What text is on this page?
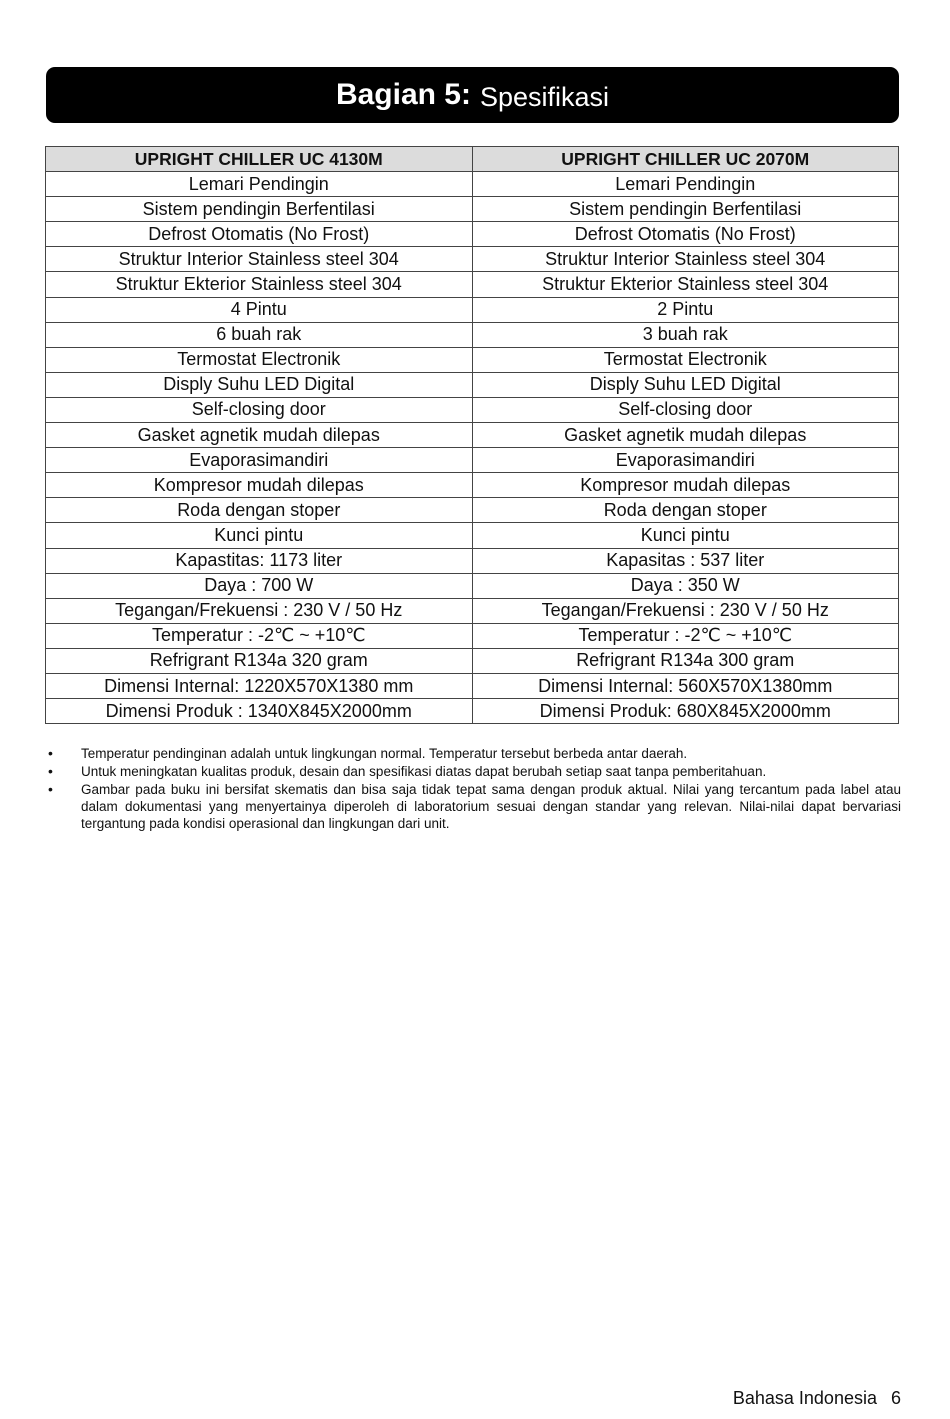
Bagian 5: Spesifikasi
UPRIGHT CHILLER UC 4130M	UPRIGHT CHILLER UC 2070M
Lemari Pendingin	Lemari Pendingin
Sistem pendingin Berfentilasi	Sistem pendingin Berfentilasi
Defrost Otomatis (No Frost)	Defrost Otomatis (No Frost)
Struktur Interior Stainless steel 304	Struktur Interior Stainless steel 304
Struktur Ekterior Stainless steel 304	Struktur Ekterior Stainless steel 304
4 Pintu	2 Pintu
6 buah rak	3 buah rak
Termostat Electronik	Termostat Electronik
Disply Suhu LED Digital	Disply Suhu LED Digital
Self-closing door	Self-closing door
Gasket agnetik mudah dilepas	Gasket agnetik mudah dilepas
Evaporasimandiri	Evaporasimandiri
Kompresor mudah dilepas	Kompresor mudah dilepas
Roda dengan stoper	Roda dengan stoper
Kunci pintu	Kunci pintu
Kapastitas: 1173 liter	Kapasitas : 537 liter
Daya : 700 W	Daya : 350 W
Tegangan/Frekuensi : 230 V / 50 Hz	Tegangan/Frekuensi : 230 V / 50 Hz
Temperatur : -2℃ ~ +10℃	Temperatur : -2℃ ~ +10℃
Refrigrant R134a 320 gram	Refrigrant R134a 300 gram
Dimensi Internal: 1220X570X1380 mm	Dimensi Internal: 560X570X1380mm
Dimensi Produk : 1340X845X2000mm	Dimensi Produk: 680X845X2000mm
• Temperatur pendinginan adalah untuk lingkungan normal. Temperatur tersebut berbeda antar daerah.
• Untuk meningkatan kualitas produk, desain dan spesifikasi diatas dapat berubah setiap saat tanpa pemberitahuan.
• Gambar pada buku ini bersifat skematis dan bisa saja tidak tepat sama dengan produk aktual. Nilai yang tercantum pada label atau dalam dokumentasi yang menyertainya diperoleh di laboratorium sesuai dengan standar yang relevan. Nilai-nilai dapat bervariasi tergantung pada kondisi operasional dan lingkungan dari unit.
Bahasa Indonesia 6
